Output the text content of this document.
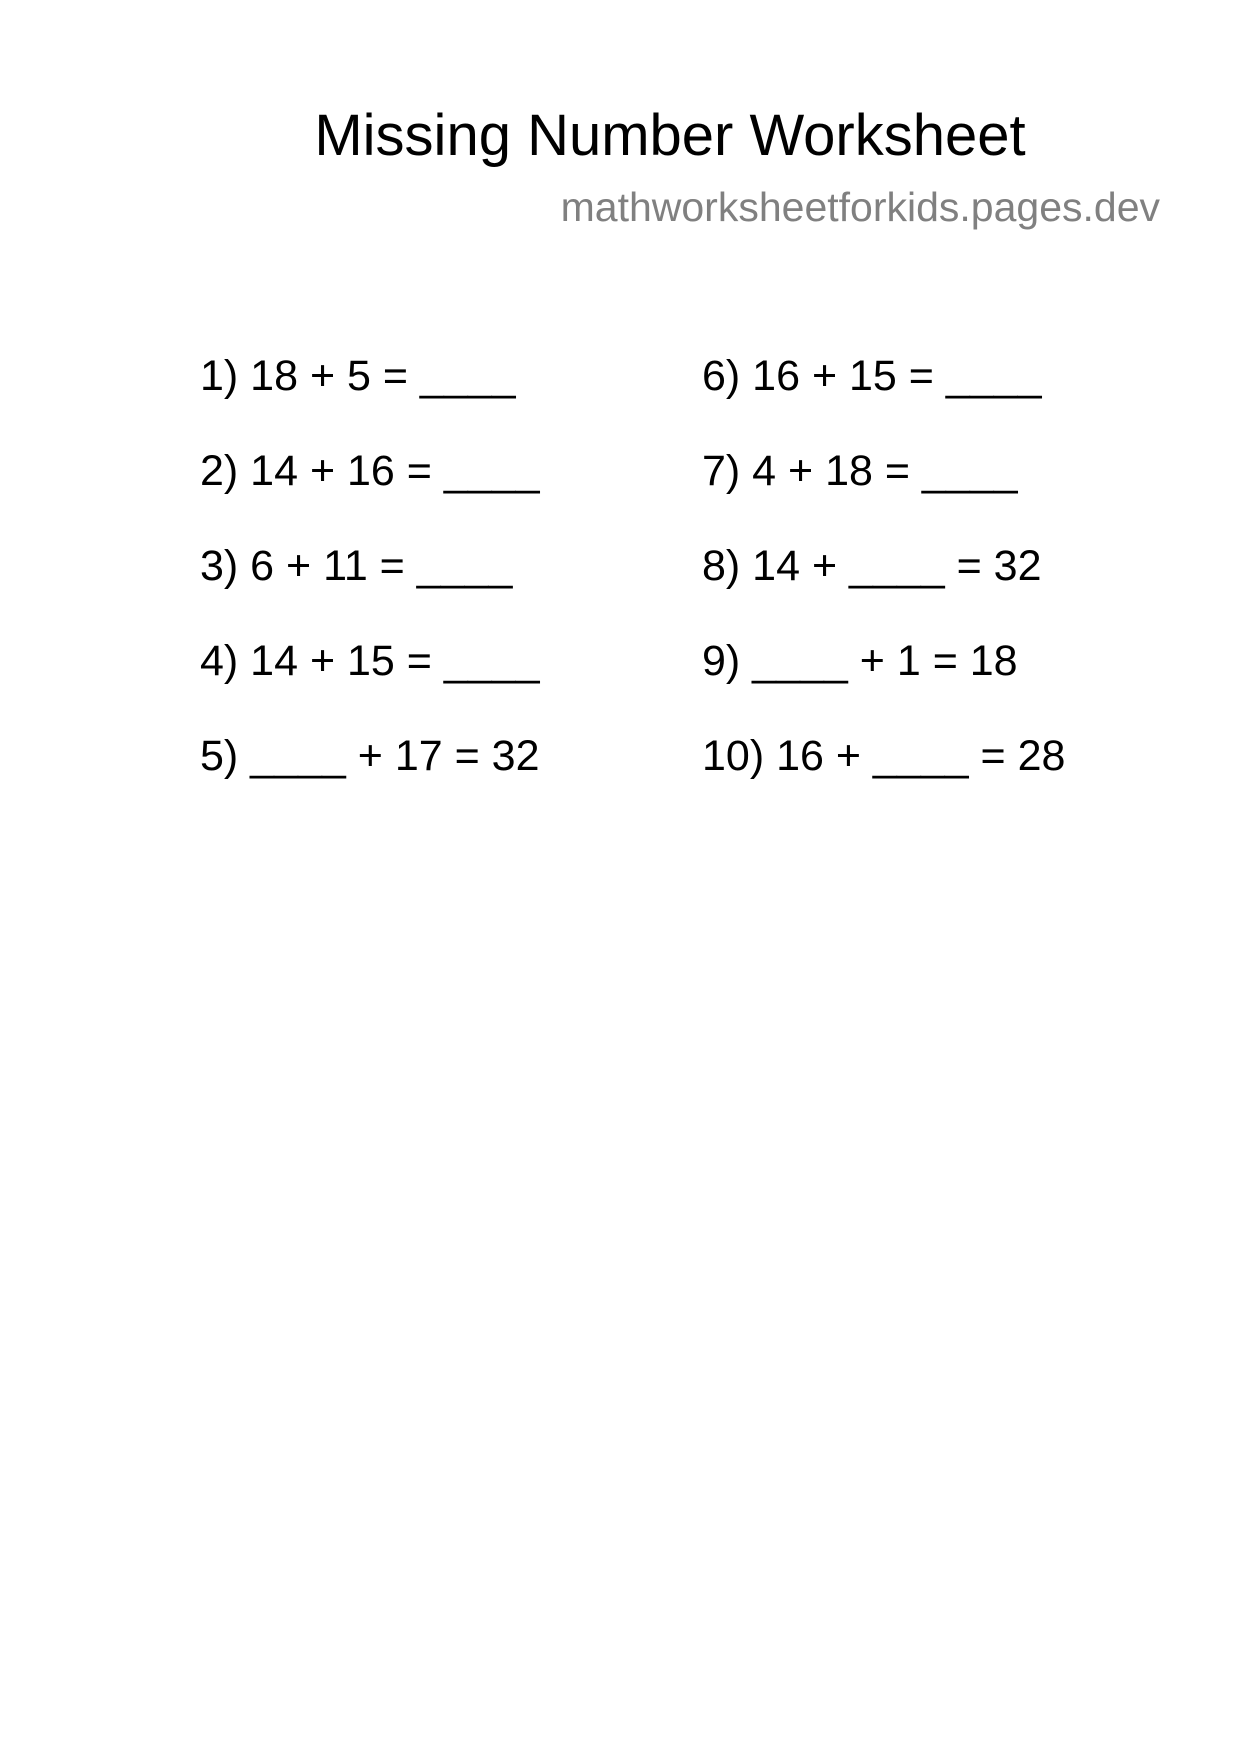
Missing Number Worksheet
mathworksheetforkids.pages.dev
1) 18 + 5 = ____
2) 14 + 16 = ____
3) 6 + 11 = ____
4) 14 + 15 = ____
5) ____ + 17 = 32
6) 16 + 15 = ____
7) 4 + 18 = ____
8) 14 + ____ = 32
9) ____ + 1 = 18
10) 16 + ____ = 28
